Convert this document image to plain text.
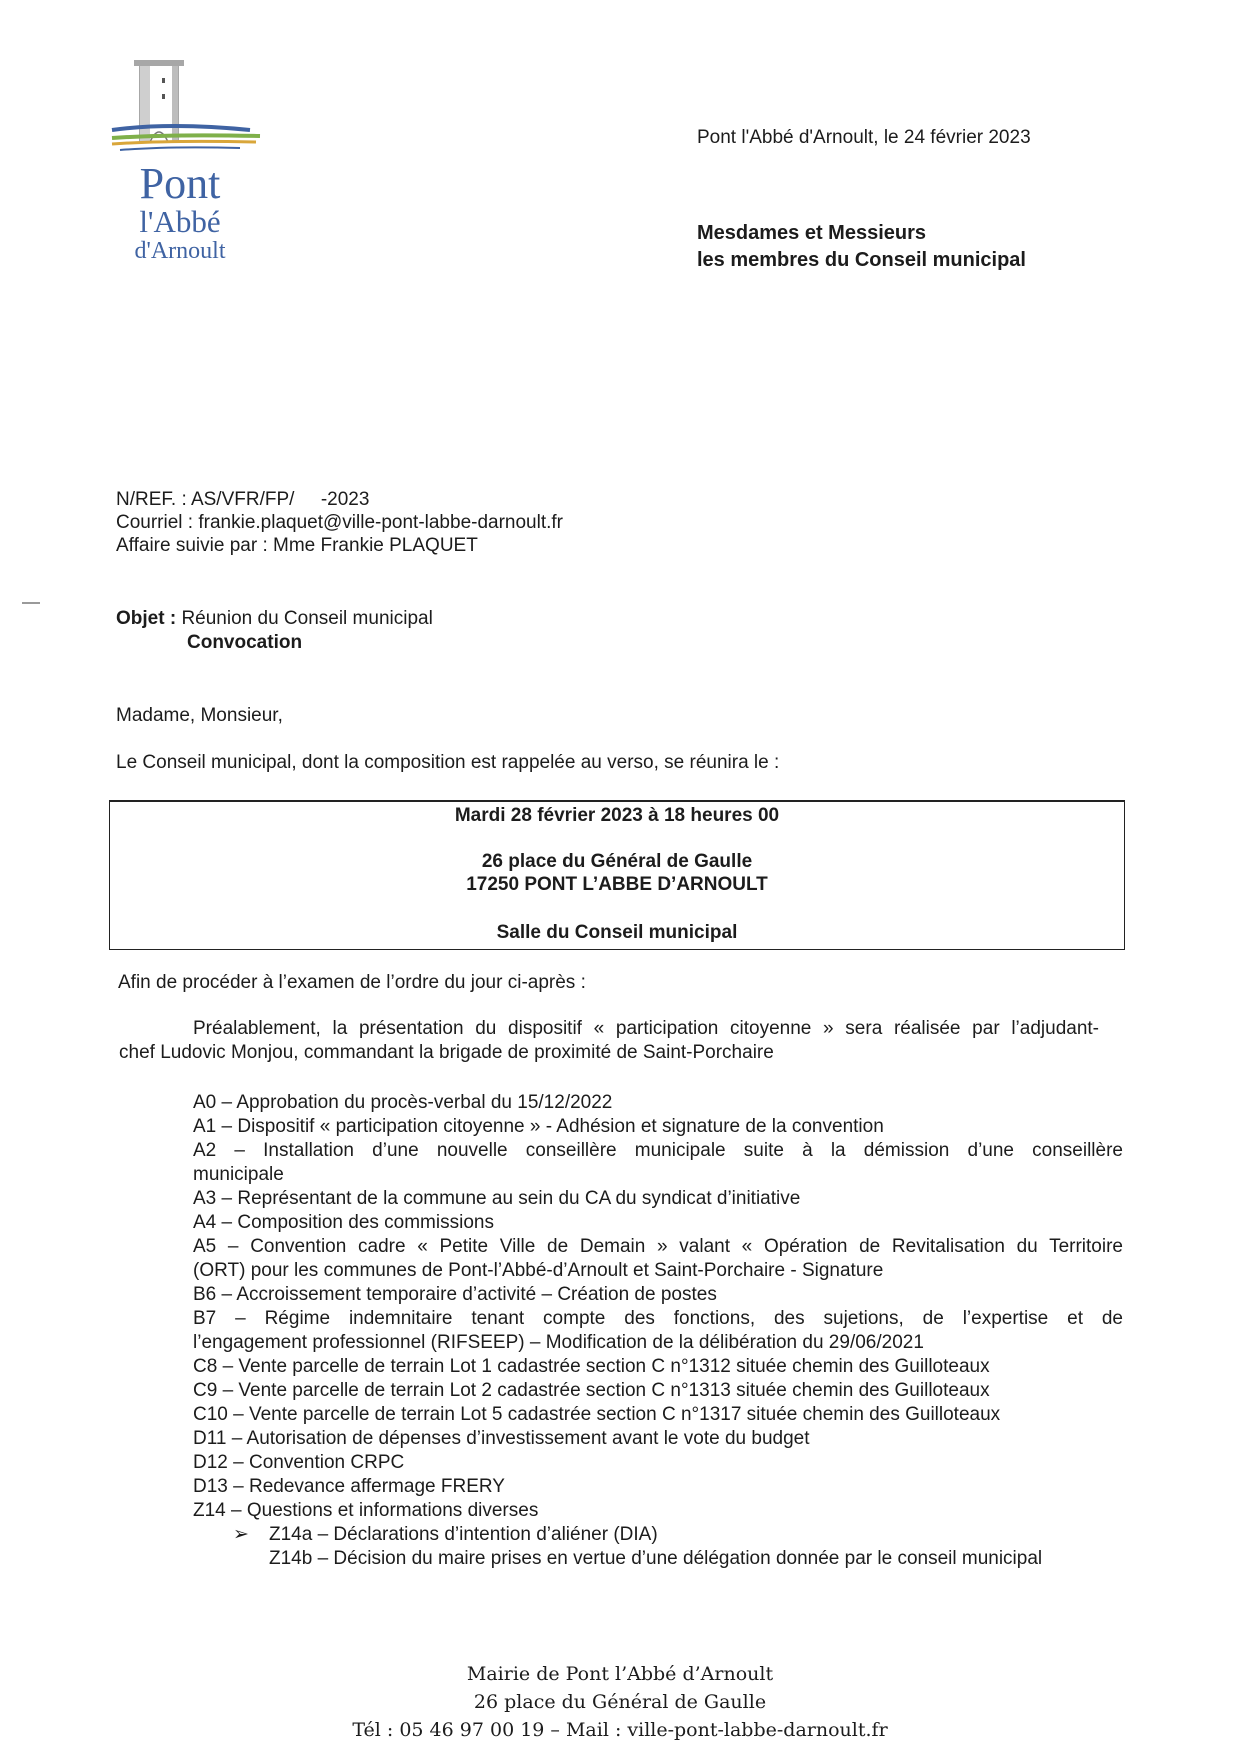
Pont
l'Abbé
d'Arnoult
Pont l'Abbé d'Arnoult, le 24 février 2023
Mesdames et Messieurs
les membres du Conseil municipal
N/REF. : AS/VFR/FP/     -2023
Courriel : frankie.plaquet@ville-pont-labbe-darnoult.fr
Affaire suivie par : Mme Frankie PLAQUET
Objet : Réunion du Conseil municipal
Convocation
Madame, Monsieur,
Le Conseil municipal, dont la composition est rappelée au verso, se réunira le :
Mardi 28 février 2023 à 18 heures 00
26 place du Général de Gaulle
17250 PONT L’ABBE D’ARNOULT
Salle du Conseil municipal
Afin de procéder à l’examen de l’ordre du jour ci-après :
Préalablement, la présentation du dispositif « participation citoyenne » sera réalisée par l’adjudant-
chef Ludovic Monjou, commandant la brigade de proximité de Saint-Porchaire
A0 – Approbation du procès-verbal du 15/12/2022
A1 – Dispositif « participation citoyenne » - Adhésion et signature de la convention
A2 – Installation d’une nouvelle conseillère municipale suite à la démission d’une conseillère
municipale
A3 – Représentant de la commune au sein du CA du syndicat d’initiative
A4 – Composition des commissions
A5 – Convention cadre « Petite Ville de Demain » valant « Opération de Revitalisation du Territoire
(ORT) pour les communes de Pont-l’Abbé-d’Arnoult et Saint-Porchaire - Signature
B6 – Accroissement temporaire d’activité – Création de postes
B7 – Régime indemnitaire tenant compte des fonctions, des sujetions, de l’expertise et de
l’engagement professionnel (RIFSEEP) – Modification de la délibération du 29/06/2021
C8 – Vente parcelle de terrain Lot 1 cadastrée section C n°1312 située chemin des Guilloteaux
C9 – Vente parcelle de terrain Lot 2 cadastrée section C n°1313 située chemin des Guilloteaux
C10 – Vente parcelle de terrain Lot 5 cadastrée section C n°1317 située chemin des Guilloteaux
D11 – Autorisation de dépenses d’investissement avant le vote du budget
D12 – Convention CRPC
D13 – Redevance affermage FRERY
Z14 – Questions et informations diverses
➢ Z14a – Déclarations d’intention d’aliéner (DIA)
Z14b – Décision du maire prises en vertue d’une délégation donnée par le conseil municipal
Mairie de Pont l’Abbé d’Arnoult
26 place du Général de Gaulle
Tél : 05 46 97 00 19 – Mail : ville-pont-labbe-darnoult.fr
